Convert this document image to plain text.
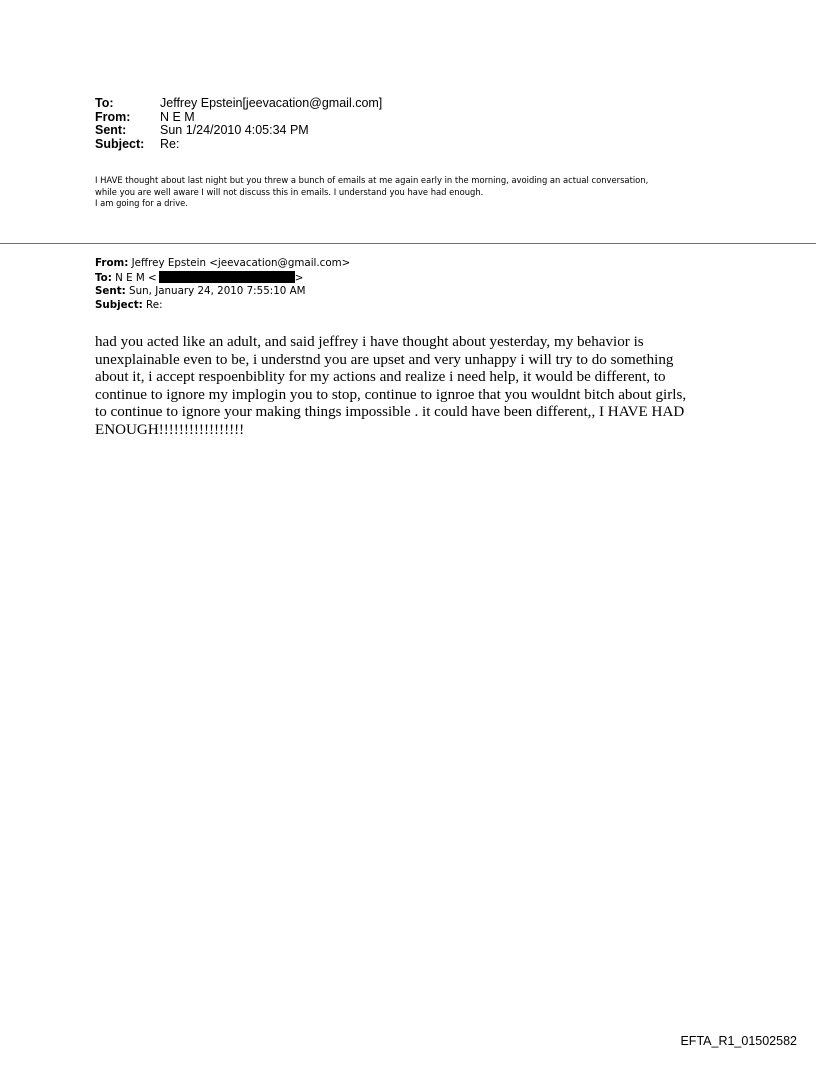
To:	Jeffrey Epstein[jeevacation@gmail.com]
From:	N E M
Sent:	Sun 1/24/2010 4:05:34 PM
Subject:	Re:
I HAVE thought about last night but you threw a bunch of emails at me again early in the morning, avoiding an actual conversation,
while you are well aware I will not discuss this in emails. I understand you have had enough.
I am going for a drive.
From: Jeffrey Epstein <jeevacation@gmail.com>
To: N E M <	>
Sent: Sun, January 24, 2010 7:55:10 AM
Subject: Re:
had you acted like an adult, and said jeffrey i have thought about yesterday, my behavior is
unexplainable even to be, i understnd you are upset and very unhappy i will try to do something
about it, i accept respoenbiblity for my actions and realize i need help, it would be different, to
continue to ignore my implogin you to stop, continue to ignroe that you wouldnt bitch about girls,
to continue to ignore your making things impossible . it could have been different,, I HAVE HAD
ENOUGH!!!!!!!!!!!!!!!!!
EFTA_R1_01502582
